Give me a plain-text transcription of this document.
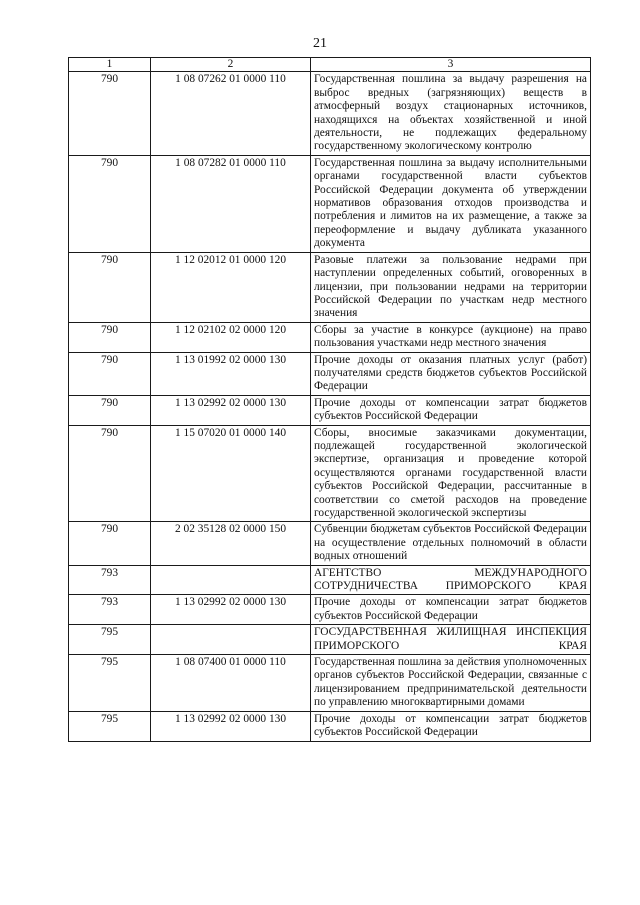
21
1	2	3
790	1 08 07262 01 0000 110	Государственная пошлина за выдачу разрешения на выброс вредных (загрязняющих) веществ в атмосферный воздух стационарных источников, находящихся на объектах хозяйственной и иной деятельности, не подлежащих федеральному государственному экологическому контролю
790	1 08 07282 01 0000 110	Государственная пошлина за выдачу исполнительными органами государственной власти субъектов Российской Федерации документа об утверждении нормативов образования отходов производства и потребления и лимитов на их размещение, а также за переоформление и выдачу дубликата указанного документа
790	1 12 02012 01 0000 120	Разовые платежи за пользование недрами при наступлении определенных событий, оговоренных в лицензии, при пользовании недрами на территории Российской Федерации по участкам недр местного значения
790	1 12 02102 02 0000 120	Сборы за участие в конкурсе (аукционе) на право пользования участками недр местного значения
790	1 13 01992 02 0000 130	Прочие доходы от оказания платных услуг (работ) получателями средств бюджетов субъектов Российской Федерации
790	1 13 02992 02 0000 130	Прочие доходы от компенсации затрат бюджетов субъектов Российской Федерации
790	1 15 07020 01 0000 140	Сборы, вносимые заказчиками документации, подлежащей государственной экологической экспертизе, организация и проведение которой осуществляются органами государственной власти субъектов Российской Федерации, рассчитанные в соответствии со сметой расходов на проведение государственной экологической экспертизы
790	2 02 35128 02 0000 150	Субвенции бюджетам субъектов Российской Федерации на осуществление отдельных полномочий в области водных отношений
793		АГЕНТСТВО МЕЖДУНАРОДНОГО СОТРУДНИЧЕСТВА ПРИМОРСКОГО КРАЯ
793	1 13 02992 02 0000 130	Прочие доходы от компенсации затрат бюджетов субъектов Российской Федерации
795		ГОСУДАРСТВЕННАЯ ЖИЛИЩНАЯ ИНСПЕКЦИЯ ПРИМОРСКОГО КРАЯ
795	1 08 07400 01 0000 110	Государственная пошлина за действия уполномоченных органов субъектов Российской Федерации, связанные с лицензированием предпринимательской деятельности по управлению многоквартирными домами
795	1 13 02992 02 0000 130	Прочие доходы от компенсации затрат бюджетов субъектов Российской Федерации
